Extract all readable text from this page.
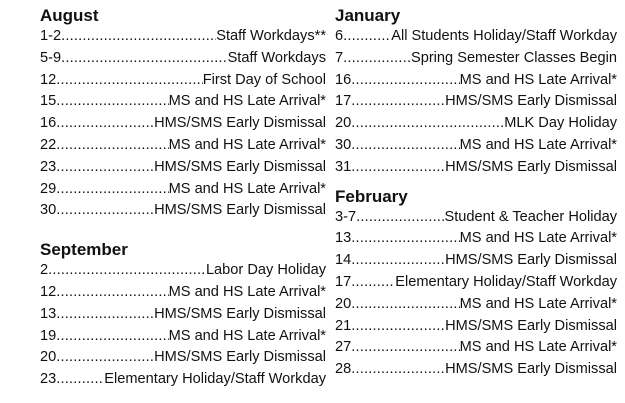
August
1-2 .....	Staff Workdays**
5-9 .....	Staff Workdays
12 .....	First Day of School
15 .....	MS and HS Late Arrival*
16 .....	HMS/SMS Early Dismissal
22 .....	MS and HS Late Arrival*
23 .....	HMS/SMS Early Dismissal
29 .....	MS and HS Late Arrival*
30 .....	HMS/SMS Early Dismissal
September
2 .....	Labor Day Holiday
12 .....	MS and HS Late Arrival*
13 .....	HMS/SMS Early Dismissal
19 .....	MS and HS Late Arrival*
20 .....	HMS/SMS Early Dismissal
23 .....	Elementary Holiday/Staff Workday
January
6 .....	All Students Holiday/Staff Workday
7 .....	Spring Semester Classes Begin
16 .....	MS and HS Late Arrival*
17 .....	HMS/SMS Early Dismissal
20 .....	MLK Day Holiday
30 .....	MS and HS Late Arrival*
31 .....	HMS/SMS Early Dismissal
February
3-7 .....	Student & Teacher Holiday
13 .....	MS and HS Late Arrival*
14 .....	HMS/SMS Early Dismissal
17 .....	Elementary Holiday/Staff Workday
20 .....	MS and HS Late Arrival*
21 .....	HMS/SMS Early Dismissal
27 .....	MS and HS Late Arrival*
28 .....	HMS/SMS Early Dismissal
